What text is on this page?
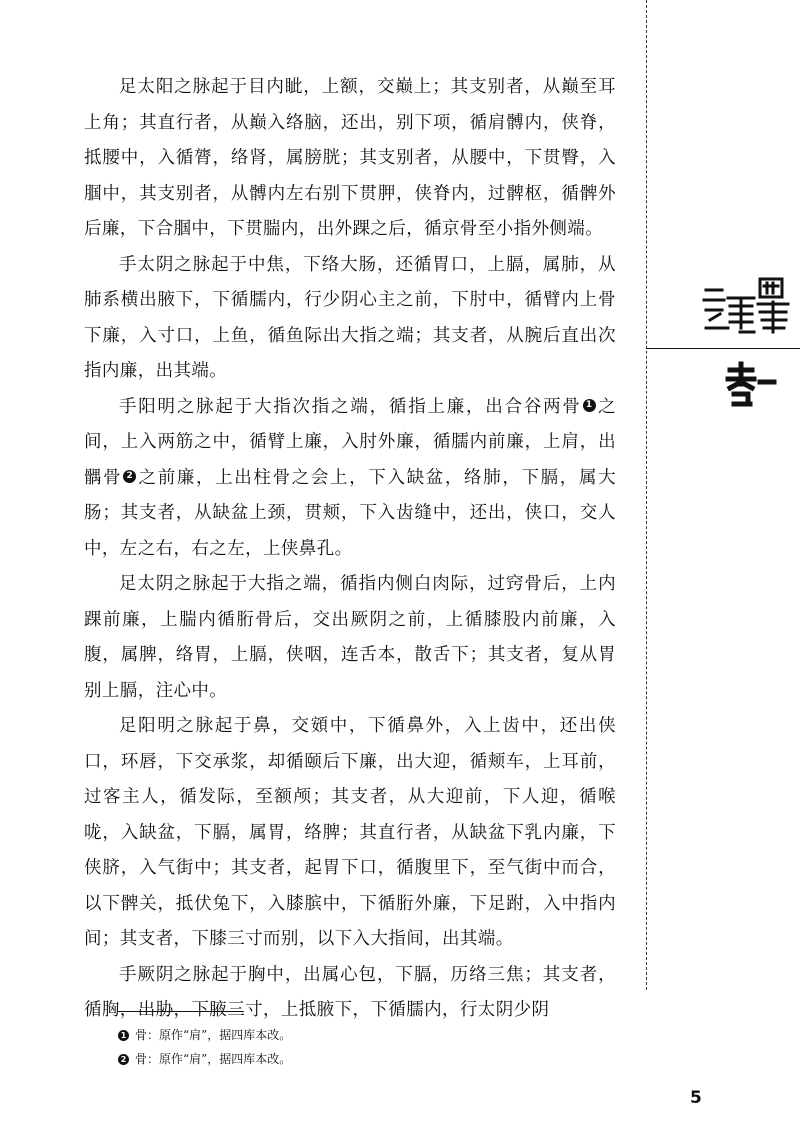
足太阳之脉起于目内眦，上额，交巅上；其支别者，从巅至耳上角；其直行者，从巅入络脑，还出，别下项，循肩髆内，侠脊，抵腰中，入循膂，络肾，属膀胱；其支别者，从腰中，下贯臀，入腘中，其支别者，从髆内左右别下贯胛，侠脊内，过髀枢，循髀外后廉，下合腘中，下贯腨内，出外踝之后，循京骨至小指外侧端。

手太阴之脉起于中焦，下络大肠，还循胃口，上膈，属肺，从肺系横出腋下，下循臑内，行少阴心主之前，下肘中，循臂内上骨下廉，入寸口，上鱼，循鱼际出大指之端；其支者，从腕后直出次指内廉，出其端。

手阳明之脉起于大指次指之端，循指上廉，出合谷两骨 1 之间，上入两筋之中，循臂上廉，入肘外廉，循臑内前廉，上肩，出髃骨 2 之前廉，上出柱骨之会上，下入缺盆，络肺，下膈，属大肠；其支者，从缺盆上颈，贯颊，下入齿缝中，还出，侠口，交人中，左之右，右之左，上侠鼻孔。

足太阴之脉起于大指之端，循指内侧白肉际，过窍骨后，上内踝前廉，上腨内循胻骨后，交出厥阴之前，上循膝股内前廉，入腹，属脾，络胃，上膈，侠咽，连舌本，散舌下；其支者，复从胃别上膈，注心中。

足阳明之脉起于鼻，交頞中，下循鼻外，入上齿中，还出侠口，环唇，下交承浆，却循颐后下廉，出大迎，循颊车，上耳前，过客主人，循发际，至额颅；其支者，从大迎前，下人迎，循喉咙，入缺盆，下膈，属胃，络脾；其直行者，从缺盆下乳内廉，下侠脐，入气街中；其支者，起胃下口，循腹里下，至气街中而合，以下髀关，抵伏兔下，入膝膑中，下循胻外廉，下足跗，入中指内间；其支者，下膝三寸而别，以下入大指间，出其端。

手厥阴之脉起于胸中，出属心包，下膈，历络三焦；其支者，循胸，出胁，下腋三寸，上抵腋下，下循臑内，行太阴少阴

1 骨：原作“肩”，据四库本改。
2 骨：原作“肩”，据四库本改。
5
